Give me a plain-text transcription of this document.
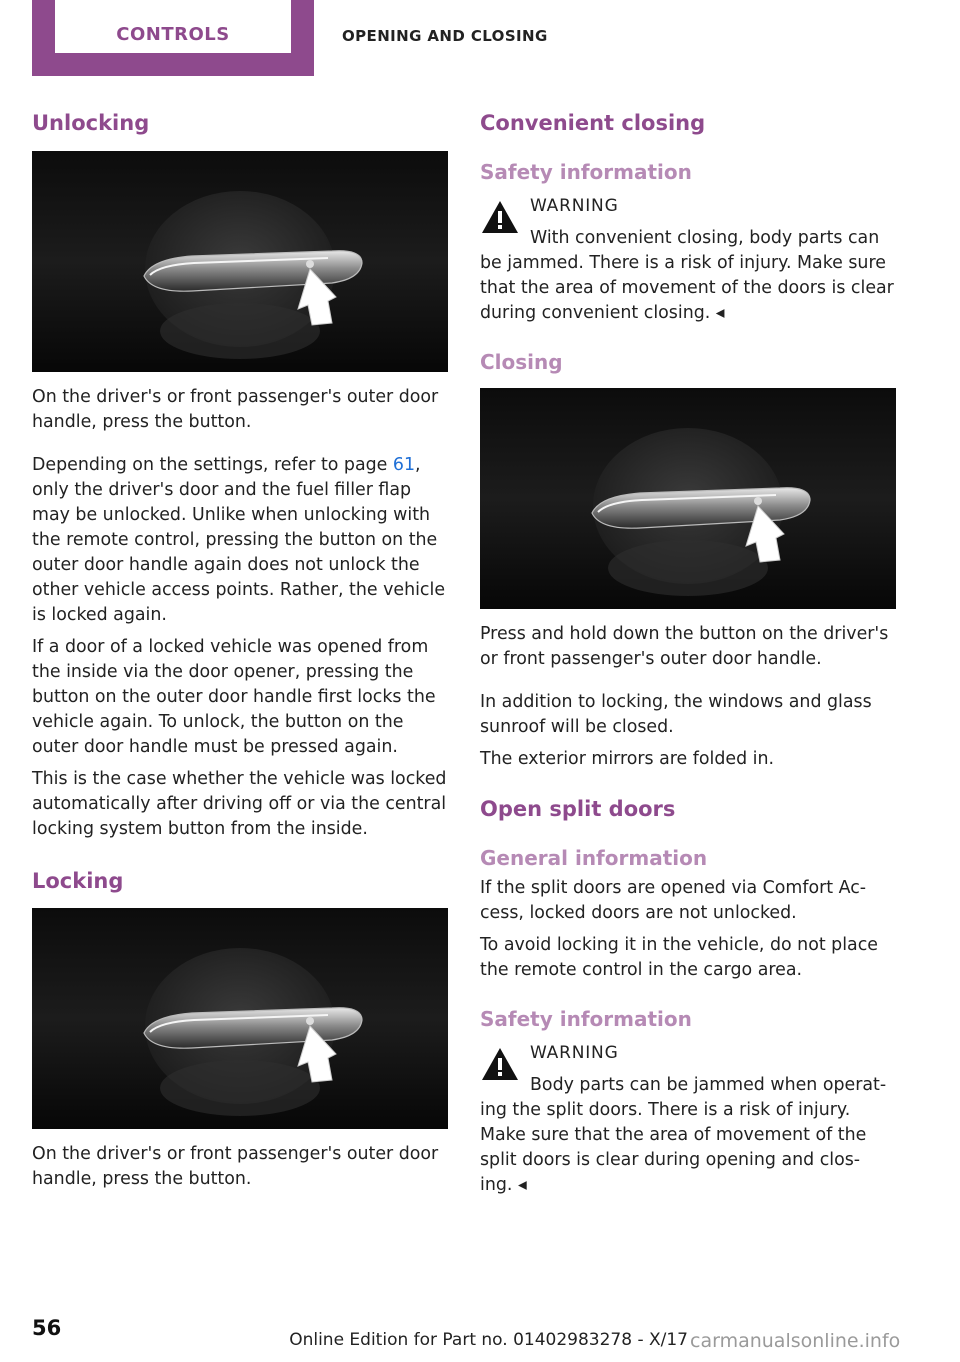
CONTROLS	OPENING AND CLOSING
Unlocking

On the driver's or front passenger's outer door handle, press the button.

Depending on the settings, refer to page 61, only the driver's door and the fuel filler flap may be unlocked. Unlike when unlocking with the remote control, pressing the button on the outer door handle again does not unlock the other vehicle access points. Rather, the vehicle is locked again.

If a door of a locked vehicle was opened from the inside via the door opener, pressing the button on the outer door handle first locks the vehicle again. To unlock, the button on the outer door handle must be pressed again.

This is the case whether the vehicle was locked automatically after driving off or via the central locking system button from the inside.

Locking

On the driver's or front passenger's outer door handle, press the button.

Convenient closing
Safety information

WARNING

With convenient closing, body parts can

be jammed. There is a risk of injury. Make sure that the area of movement of the doors is clear during convenient closing. ◂

Closing

Press and hold down the button on the driver's or front passenger's outer door handle.

In addition to locking, the windows and glass sunroof will be closed.

The exterior mirrors are folded in.

Open split doors
General information

If the split doors are opened via Comfort Ac‐ cess, locked doors are not unlocked.

To avoid locking it in the vehicle, do not place the remote control in the cargo area.

Safety information

WARNING

Body parts can be jammed when operat‐

ing the split doors. There is a risk of injury. Make sure that the area of movement of the split doors is clear during opening and clos‐ ing. ◂

56	Online Edition for Part no. 01402983278 - X/17 carmanualsonline.info
